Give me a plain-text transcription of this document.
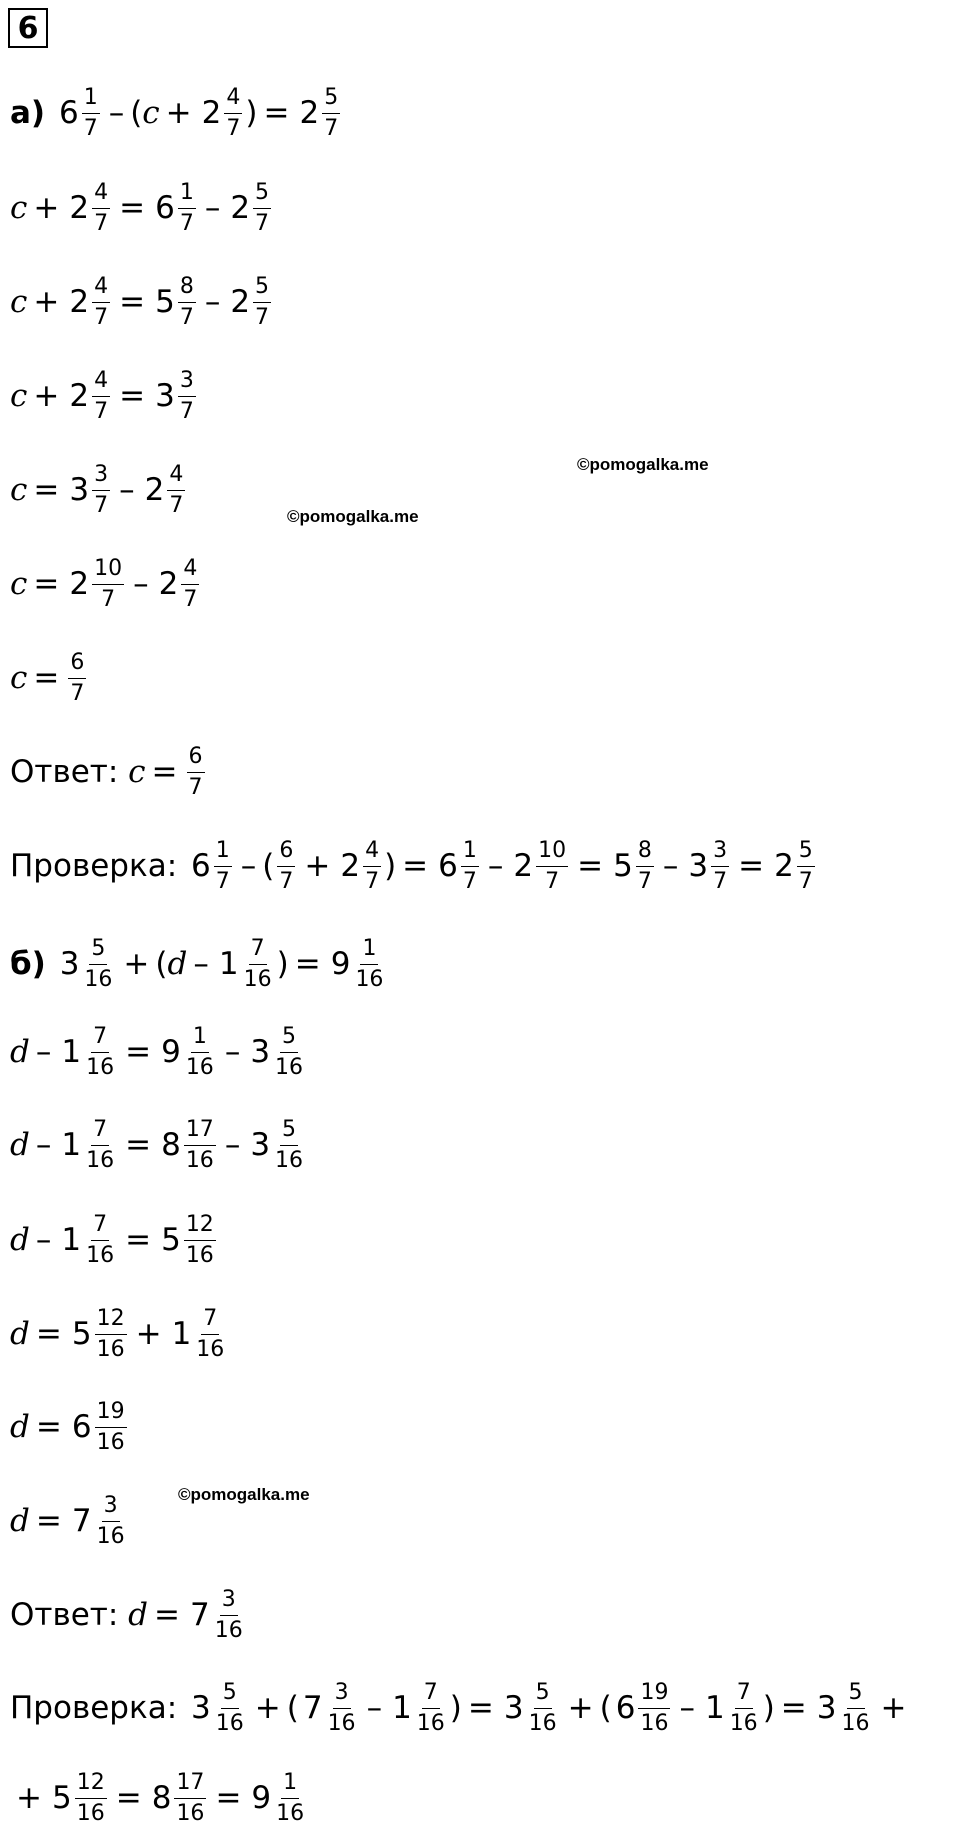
6
©pomogalka.me
©pomogalka.me
©pomogalka.me
а)
$6 \frac{1}{7}$ – ( $c + 2 \frac{4}{7}$ ) = $2 \frac{5}{7}$
$c + 2 \frac{4}{7} = 6 \frac{1}{7} - 2 \frac{5}{7}$
$c + 2 \frac{4}{7} = 5 \frac{8}{7} - 2 \frac{5}{7}$
$c + 2 \frac{4}{7} = 3 \frac{3}{7}$
$c = 3 \frac{3}{7} - 2 \frac{4}{7}$
$c = 2 \frac{10}{7} - 2 \frac{4}{7}$
$c = \frac{6}{7}$
Ответ: $c = \frac{6}{7}$
Проверка: $6 \frac{1}{7}$ – ( $\frac{6}{7} + 2 \frac{4}{7}$ ) = $6 \frac{1}{7} - 2 \frac{10}{7} = 5 \frac{8}{7} - 3 \frac{3}{7} = 2 \frac{5}{7}$
б)
$3 \frac{5}{16}$ + ( d – $1 \frac{7}{16}$ ) = $9 \frac{1}{16}$
$d - 1 \frac{7}{16} = 9 \frac{1}{16} - 3 \frac{5}{16}$
$d - 1 \frac{7}{16} = 8 \frac{17}{16} - 3 \frac{5}{16}$
$d - 1 \frac{7}{16} = 5 \frac{12}{16}$
$d = 5 \frac{12}{16} + 1 \frac{7}{16}$
$d = 6 \frac{19}{16}$
$d = 7 \frac{3}{16}$
Ответ: $d = 7 \frac{3}{16}$
Проверка: $3 \frac{5}{16}$ + ( $7 \frac{3}{16} - 1 \frac{7}{16}$ ) = $3 \frac{5}{16}$ + ( $6 \frac{19}{16} - 1 \frac{7}{16}$ ) = $3 \frac{5}{16}$ +
+ $5 \frac{12}{16} = 8 \frac{17}{16} = 9 \frac{1}{16}$
